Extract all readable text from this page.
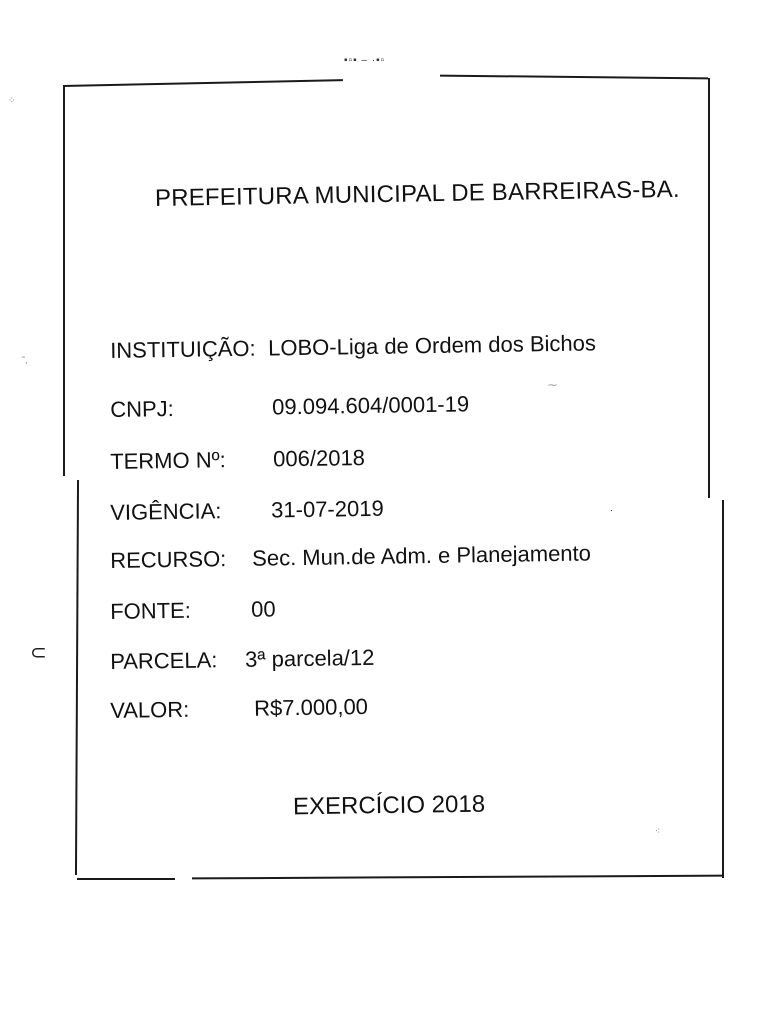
▪▫▪ ‒ ·▪▫
⁘
˜,
⊂
⁓
·
⁖
PREFEITURA MUNICIPAL DE BARREIRAS-BA.
INSTITUIÇÃO: LOBO-Liga de Ordem dos Bichos
CNPJ:	09.094.604/0001-19
TERMO Nº: 006/2018
VIGÊNCIA: 31-07-2019
RECURSO: Sec. Mun.de Adm. e Planejamento
FONTE:	00
PARCELA: 3ª parcela/12
VALOR:	R$7.000,00
EXERCÍCIO 2018
